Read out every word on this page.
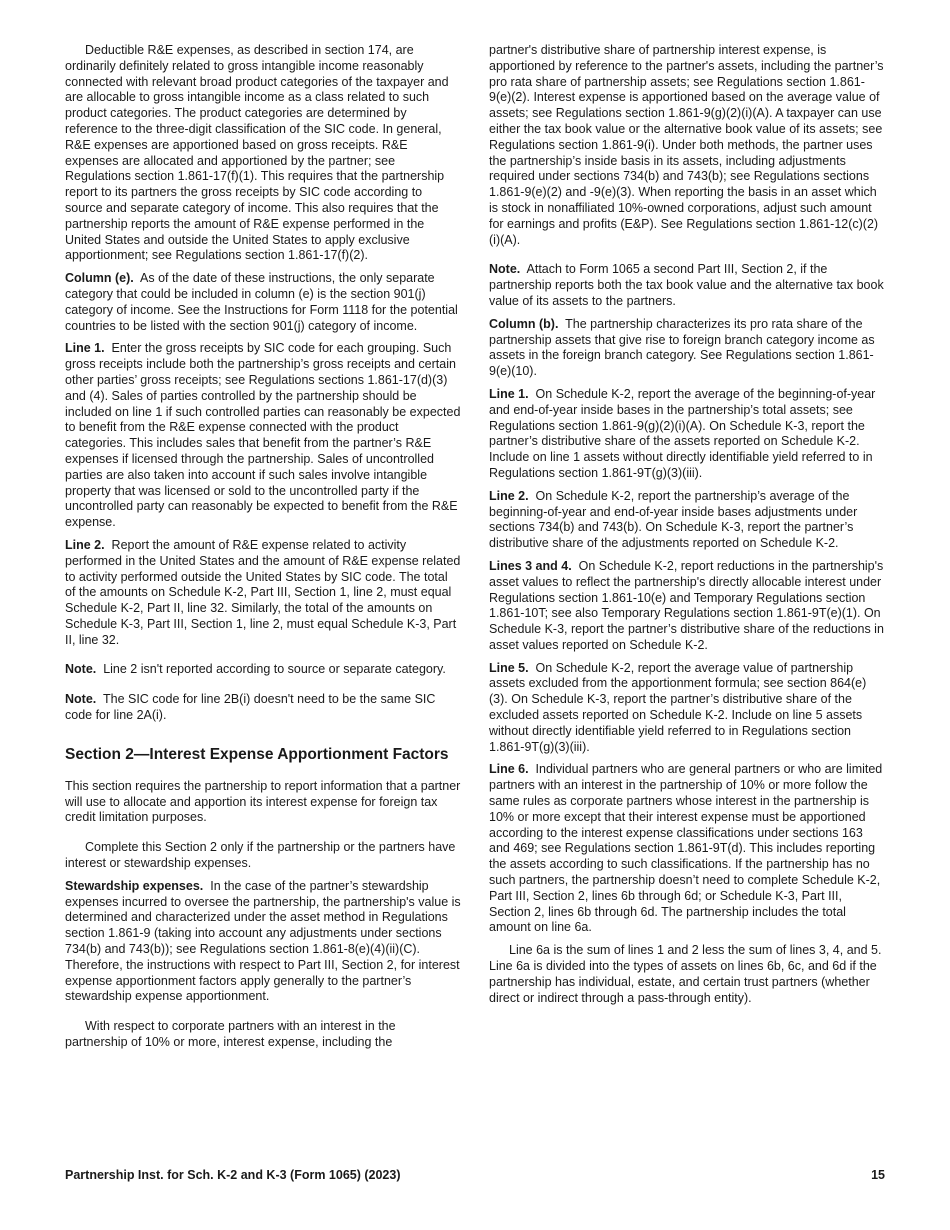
Deductible R&E expenses, as described in section 174, are ordinarily definitely related to gross intangible income reasonably connected with relevant broad product categories of the taxpayer and are allocable to gross intangible income as a class related to such product categories. The product categories are determined by reference to the three-digit classification of the SIC code. In general, R&E expenses are apportioned based on gross receipts. R&E expenses are allocated and apportioned by the partner; see Regulations section 1.861-17(f)(1). This requires that the partnership report to its partners the gross receipts by SIC code according to source and separate category of income. This also requires that the partnership reports the amount of R&E expense performed in the United States and outside the United States to apply exclusive apportionment; see Regulations section 1.861-17(f)(2).

Column (e). As of the date of these instructions, the only separate category that could be included in column (e) is the section 901(j) category of income. See the Instructions for Form 1118 for the potential countries to be listed with the section 901(j) category of income.

Line 1. Enter the gross receipts by SIC code for each grouping. Such gross receipts include both the partnership’s gross receipts and certain other parties’ gross receipts; see Regulations sections 1.861-17(d)(3) and (4). Sales of parties controlled by the partnership should be included on line 1 if such controlled parties can reasonably be expected to benefit from the R&E expense connected with the product categories. This includes sales that benefit from the partner’s R&E expenses if licensed through the partnership. Sales of uncontrolled parties are also taken into account if such sales involve intangible property that was licensed or sold to the uncontrolled party if the uncontrolled party can reasonably be expected to benefit from the R&E expense.

Line 2. Report the amount of R&E expense related to activity performed in the United States and the amount of R&E expense related to activity performed outside the United States by SIC code. The total of the amounts on Schedule K-2, Part III, Section 1, line 2, must equal Schedule K-2, Part II, line 32. Similarly, the total of the amounts on Schedule K-3, Part III, Section 1, line 2, must equal Schedule K-3, Part II, line 32.

Note. Line 2 isn't reported according to source or separate category.

Note. The SIC code for line 2B(i) doesn't need to be the same SIC code for line 2A(i).

Section 2—Interest Expense Apportionment Factors

This section requires the partnership to report information that a partner will use to allocate and apportion its interest expense for foreign tax credit limitation purposes.

Complete this Section 2 only if the partnership or the partners have interest or stewardship expenses.

Stewardship expenses. In the case of the partner’s stewardship expenses incurred to oversee the partnership, the partnership's value is determined and characterized under the asset method in Regulations section 1.861-9 (taking into account any adjustments under sections 734(b) and 743(b)); see Regulations section 1.861-8(e)(4)(ii)(C). Therefore, the instructions with respect to Part III, Section 2, for interest expense apportionment factors apply generally to the partner’s stewardship expense apportionment.

With respect to corporate partners with an interest in the partnership of 10% or more, interest expense, including the

partner's distributive share of partnership interest expense, is apportioned by reference to the partner's assets, including the partner’s pro rata share of partnership assets; see Regulations section 1.861-9(e)(2). Interest expense is apportioned based on the average value of assets; see Regulations section 1.861-9(g)(2)(i)(A). A taxpayer can use either the tax book value or the alternative book value of its assets; see Regulations section 1.861-9(i). Under both methods, the partner uses the partnership’s inside basis in its assets, including adjustments required under sections 734(b) and 743(b); see Regulations sections 1.861-9(e)(2) and -9(e)(3). When reporting the basis in an asset which is stock in nonaffiliated 10%-owned corporations, adjust such amount for earnings and profits (E&P). See Regulations section 1.861-12(c)(2)(i)(A).

Note. Attach to Form 1065 a second Part III, Section 2, if the partnership reports both the tax book value and the alternative tax book value of its assets to the partners.

Column (b). The partnership characterizes its pro rata share of the partnership assets that give rise to foreign branch category income as assets in the foreign branch category. See Regulations section 1.861-9(e)(10).

Line 1. On Schedule K-2, report the average of the beginning-of-year and end-of-year inside bases in the partnership’s total assets; see Regulations section 1.861-9(g)(2)(i)(A). On Schedule K-3, report the partner’s distributive share of the assets reported on Schedule K-2. Include on line 1 assets without directly identifiable yield referred to in Regulations section 1.861-9T(g)(3)(iii).

Line 2. On Schedule K-2, report the partnership’s average of the beginning-of-year and end-of-year inside bases adjustments under sections 734(b) and 743(b). On Schedule K-3, report the partner’s distributive share of the adjustments reported on Schedule K-2.

Lines 3 and 4. On Schedule K-2, report reductions in the partnership's asset values to reflect the partnership's directly allocable interest under Regulations section 1.861-10(e) and Temporary Regulations section 1.861-10T; see also Temporary Regulations section 1.861-9T(e)(1). On Schedule K-3, report the partner’s distributive share of the reductions in asset values reported on Schedule K-2.

Line 5. On Schedule K-2, report the average value of partnership assets excluded from the apportionment formula; see section 864(e)(3). On Schedule K-3, report the partner’s distributive share of the excluded assets reported on Schedule K-2. Include on line 5 assets without directly identifiable yield referred to in Regulations section 1.861-9T(g)(3)(iii).

Line 6. Individual partners who are general partners or who are limited partners with an interest in the partnership of 10% or more follow the same rules as corporate partners whose interest in the partnership is 10% or more except that their interest expense must be apportioned according to the interest expense classifications under sections 163 and 469; see Regulations section 1.861-9T(d). This includes reporting the assets according to such classifications. If the partnership has no such partners, the partnership doesn’t need to complete Schedule K-2, Part III, Section 2, lines 6b through 6d; or Schedule K-3, Part III, Section 2, lines 6b through 6d. The partnership includes the total amount on line 6a.

Line 6a is the sum of lines 1 and 2 less the sum of lines 3, 4, and 5. Line 6a is divided into the types of assets on lines 6b, 6c, and 6d if the partnership has individual, estate, and certain trust partners (whether direct or indirect through a pass-through entity).

Partnership Inst. for Sch. K-2 and K-3 (Form 1065) (2023)	15
